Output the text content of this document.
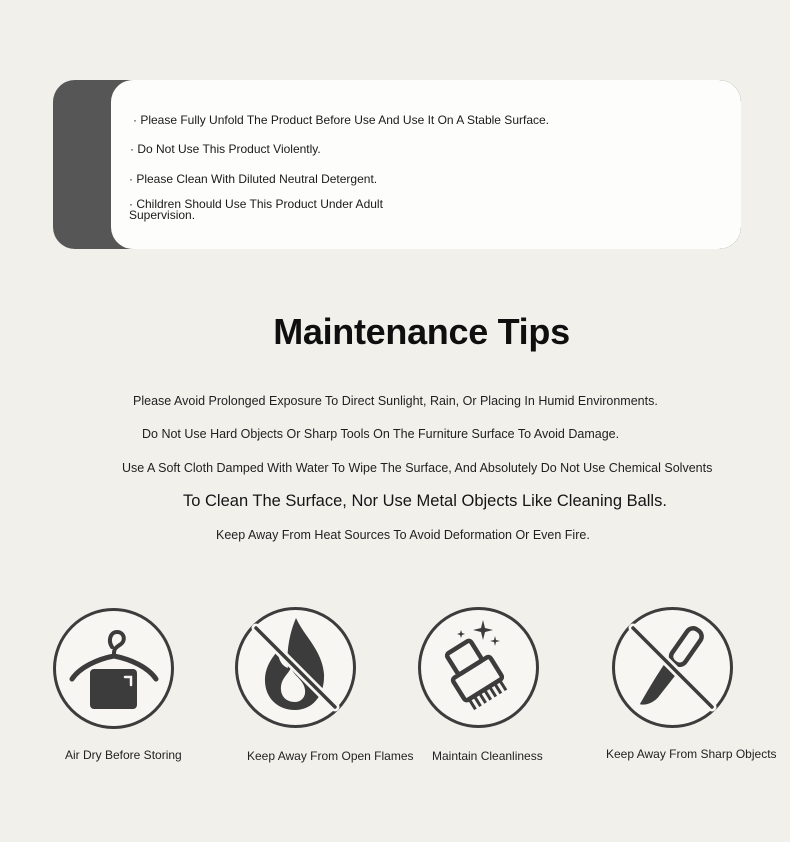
· Please Fully Unfold The Product Before Use And Use It On A Stable Surface.
· Do Not Use This Product Violently.
· Please Clean With Diluted Neutral Detergent.
· Children Should Use This Product Under Adult Supervision.
Maintenance Tips
Please Avoid Prolonged Exposure To Direct Sunlight, Rain, Or Placing In Humid Environments.
Do Not Use Hard Objects Or Sharp Tools On The Furniture Surface To Avoid Damage.
Use A Soft Cloth Damped With Water To Wipe The Surface, And Absolutely Do Not Use Chemical Solvents
To Clean The Surface, Nor Use Metal Objects Like Cleaning Balls.
Keep Away From Heat Sources To Avoid Deformation Or Even Fire.
Air Dry Before Storing	Keep Away From Open Flames Maintain Cleanliness	Keep Away From Sharp Objects
